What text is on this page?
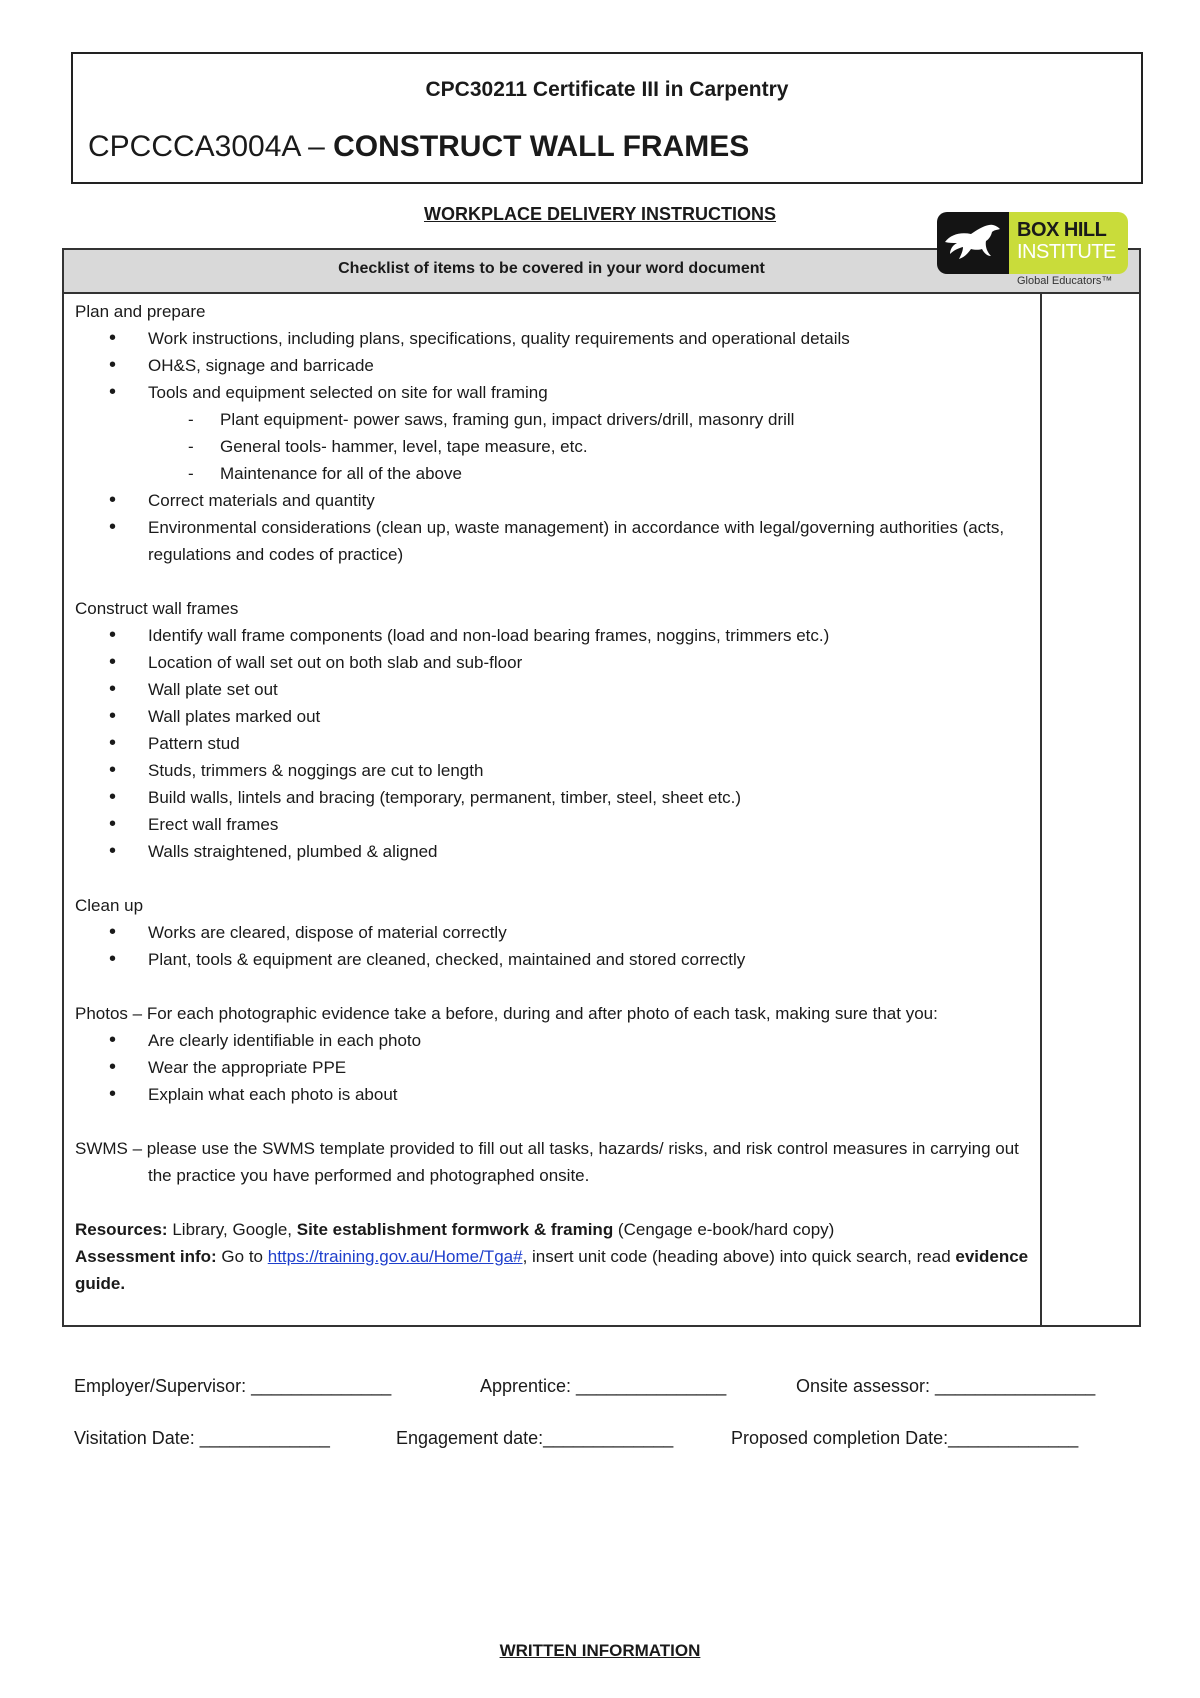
CPC30211 Certificate III in Carpentry
CPCCCA3004A – CONSTRUCT WALL FRAMES
WORKPLACE DELIVERY INSTRUCTIONS
Checklist of items to be covered in your word document
Plan and prepare
• Work instructions, including plans, specifications, quality requirements and operational details
• OH&S, signage and barricade
• Tools and equipment selected on site for wall framing
- Plant equipment- power saws, framing gun, impact drivers/drill, masonry drill
- General tools- hammer, level, tape measure, etc.
- Maintenance for all of the above
• Correct materials and quantity
• Environmental considerations (clean up, waste management) in accordance with legal/governing authorities (acts, regulations and codes of practice)
Construct wall frames
• Identify wall frame components (load and non-load bearing frames, noggins, trimmers etc.)
• Location of wall set out on both slab and sub-floor
• Wall plate set out
• Wall plates marked out
• Pattern stud
• Studs, trimmers & noggings are cut to length
• Build walls, lintels and bracing (temporary, permanent, timber, steel, sheet etc.)
• Erect wall frames
• Walls straightened, plumbed & aligned
Clean up
• Works are cleared, dispose of material correctly
• Plant, tools & equipment are cleaned, checked, maintained and stored correctly
Photos – For each photographic evidence take a before, during and after photo of each task, making sure that you:
• Are clearly identifiable in each photo
• Wear the appropriate PPE
• Explain what each photo is about
SWMS – please use the SWMS template provided to fill out all tasks, hazards/ risks, and risk control measures in carrying out the practice you have performed and photographed onsite.
Resources: Library, Google, Site establishment formwork & framing (Cengage e-book/hard copy)
Assessment info: Go to https://training.gov.au/Home/Tga#, insert unit code (heading above) into quick search, read evidence guide.
BOX HILL
INSTITUTE
Global Educators™
Employer/Supervisor: ______________	Apprentice: _______________	Onsite assessor: ________________
Visitation Date: _____________	Engagement date:_____________	Proposed completion Date:_____________
WRITTEN INFORMATION
